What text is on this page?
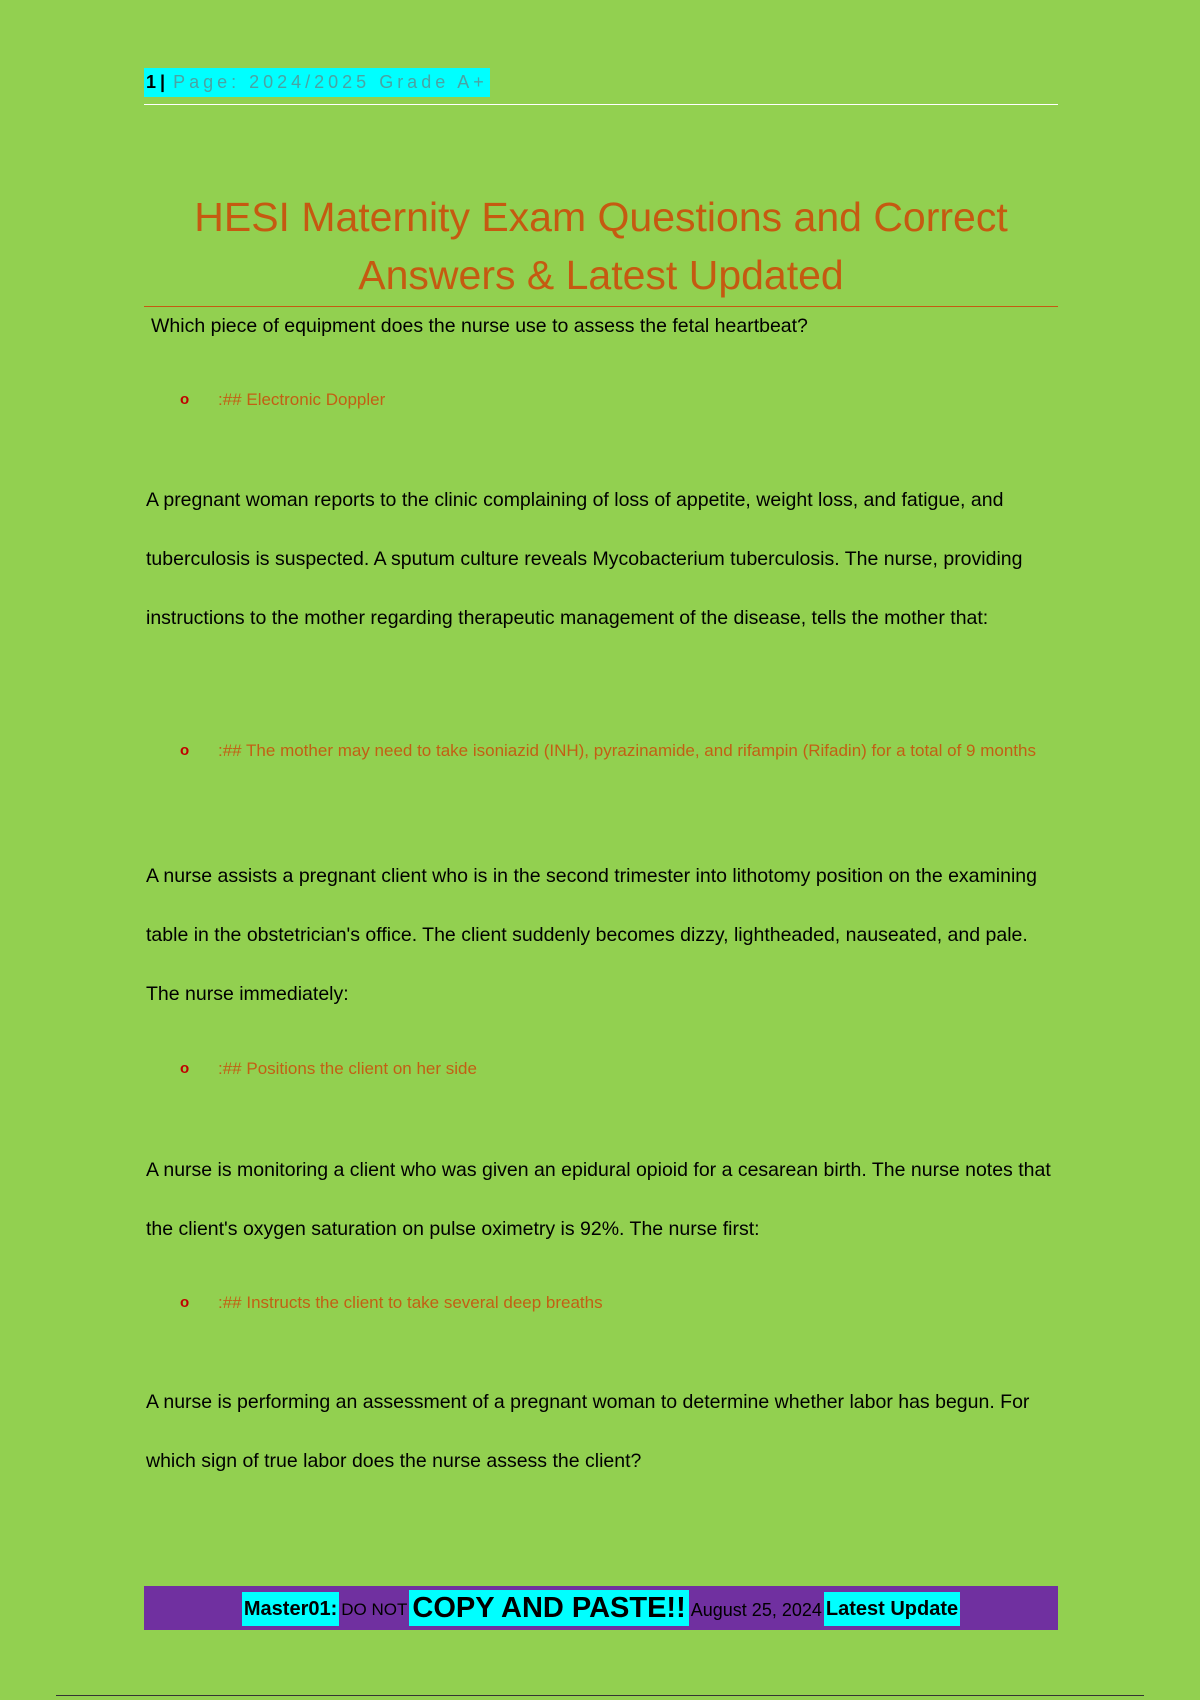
1| Page: 2024/2025 Grade A+
HESI Maternity Exam Questions and Correct Answers & Latest Updated
Which piece of equipment does the nurse use to assess the fetal heartbeat?
o	:## Electronic Doppler
A pregnant woman reports to the clinic complaining of loss of appetite, weight loss, and fatigue, and tuberculosis is suspected. A sputum culture reveals Mycobacterium tuberculosis. The nurse, providing instructions to the mother regarding therapeutic management of the disease, tells the mother that:
o	:## The mother may need to take isoniazid (INH), pyrazinamide, and rifampin (Rifadin) for a total of 9 months
A nurse assists a pregnant client who is in the second trimester into lithotomy position on the examining table in the obstetrician's office. The client suddenly becomes dizzy, lightheaded, nauseated, and pale. The nurse immediately:
o	:## Positions the client on her side
A nurse is monitoring a client who was given an epidural opioid for a cesarean birth. The nurse notes that the client's oxygen saturation on pulse oximetry is 92%. The nurse first:
o	:## Instructs the client to take several deep breaths
A nurse is performing an assessment of a pregnant woman to determine whether labor has begun. For which sign of true labor does the nurse assess the client?
Master01: DO NOT COPY AND PASTE!! August 25, 2024 Latest Update
